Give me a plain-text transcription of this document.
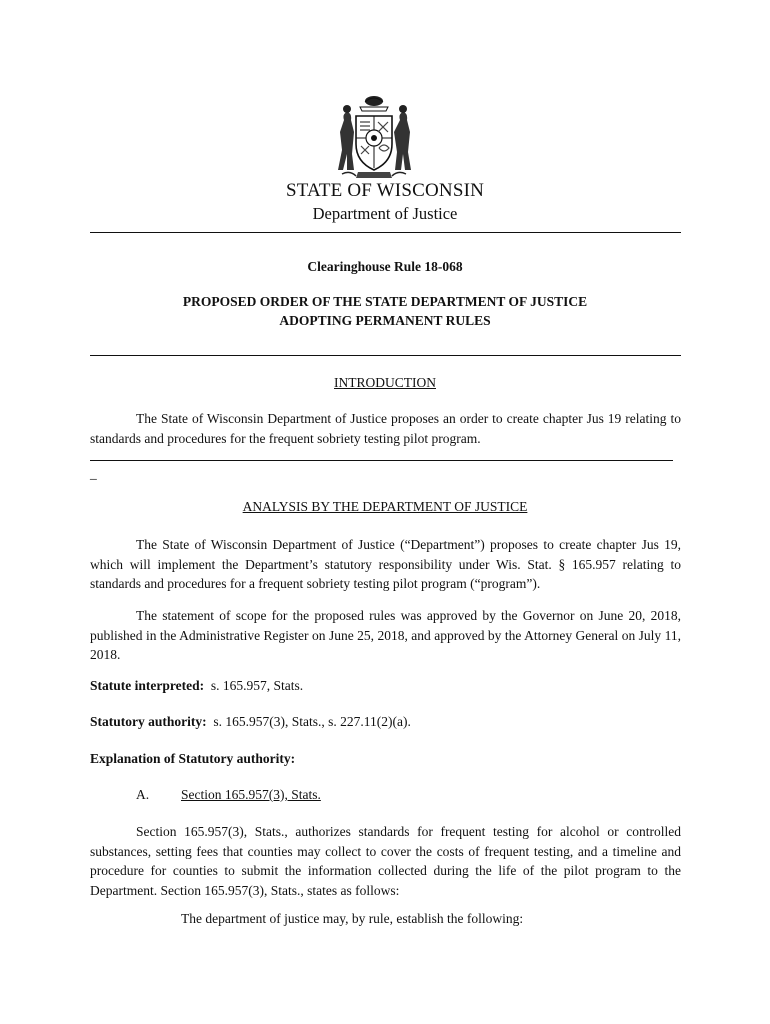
STATE OF WISCONSIN
Department of Justice
Clearinghouse Rule 18-068
PROPOSED ORDER OF THE STATE DEPARTMENT OF JUSTICE
ADOPTING PERMANENT RULES
INTRODUCTION
The State of Wisconsin Department of Justice proposes an order to create chapter Jus 19 relating to standards and procedures for the frequent sobriety testing pilot program.
_
ANALYSIS BY THE DEPARTMENT OF JUSTICE
The State of Wisconsin Department of Justice (“Department”) proposes to create chapter Jus 19, which will implement the Department’s statutory responsibility under Wis. Stat. § 165.957 relating to standards and procedures for a frequent sobriety testing pilot program (“program”).
The statement of scope for the proposed rules was approved by the Governor on June 20, 2018, published in the Administrative Register on June 25, 2018, and approved by the Attorney General on July 11, 2018.
Statute interpreted: s. 165.957, Stats.
Statutory authority: s. 165.957(3), Stats., s. 227.11(2)(a).
Explanation of Statutory authority:
A. Section 165.957(3), Stats.
Section 165.957(3), Stats., authorizes standards for frequent testing for alcohol or controlled substances, setting fees that counties may collect to cover the costs of frequent testing, and a timeline and procedure for counties to submit the information collected during the life of the pilot program to the Department. Section 165.957(3), Stats., states as follows:
The department of justice may, by rule, establish the following:
